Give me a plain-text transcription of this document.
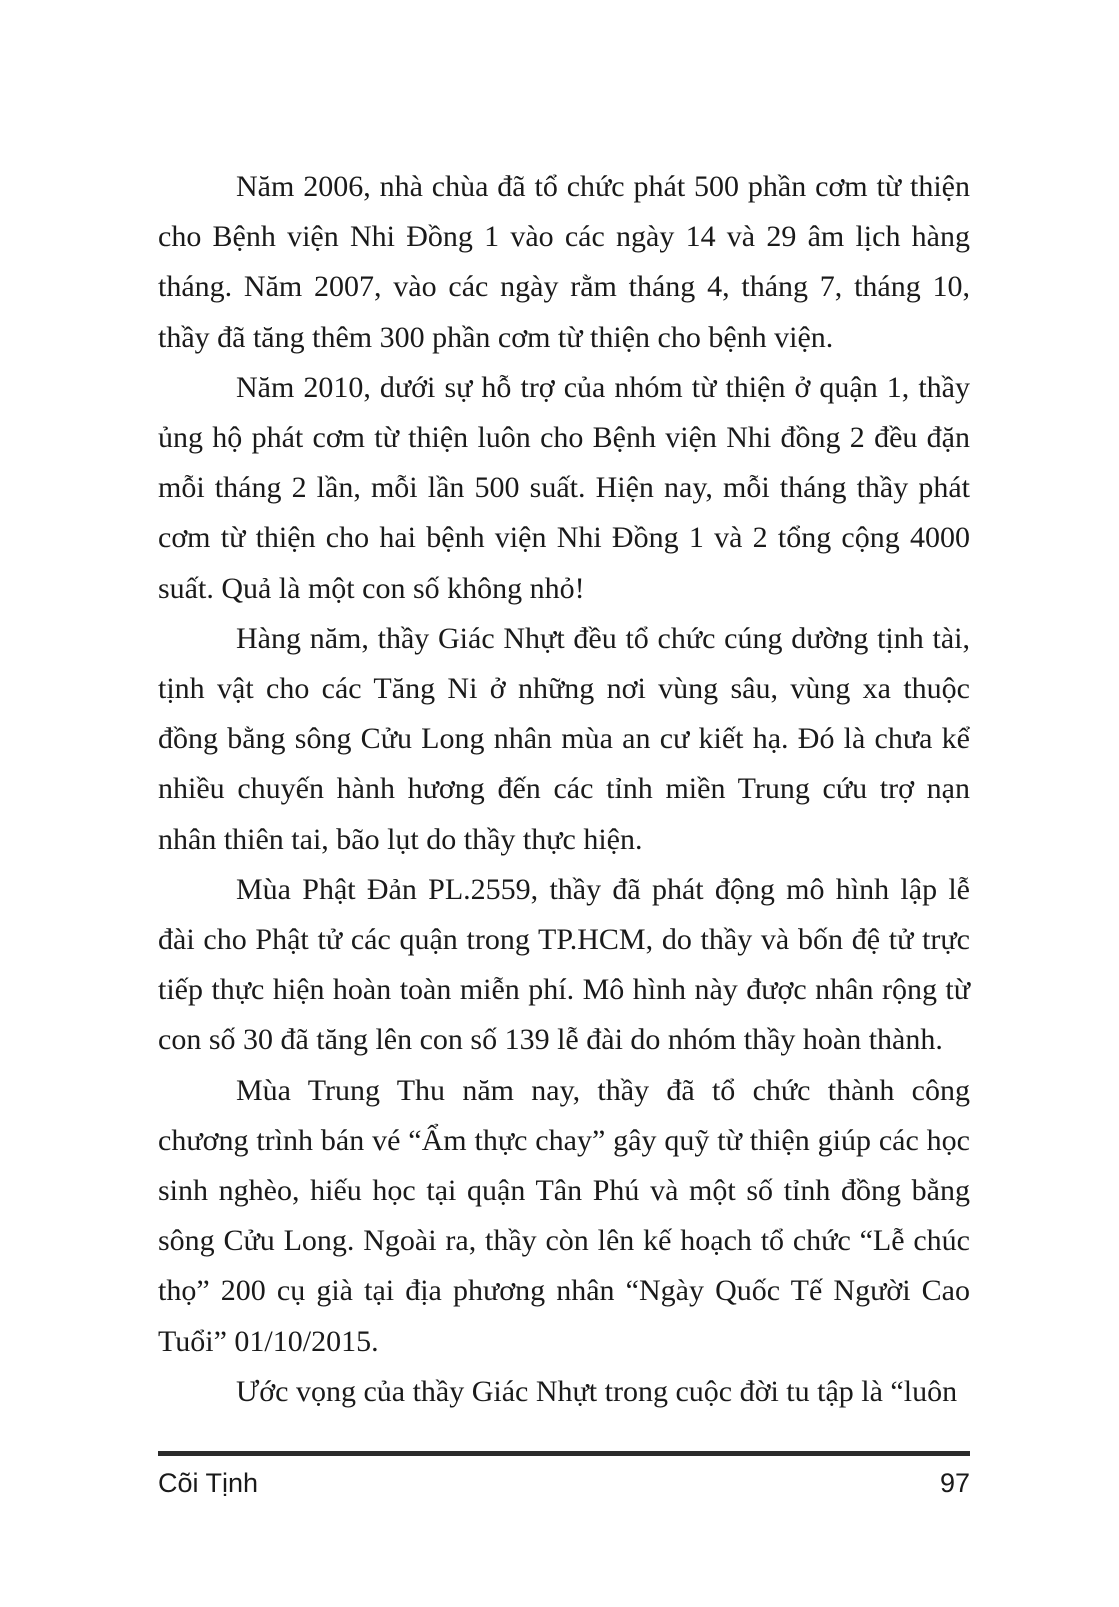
Năm 2006, nhà chùa đã tổ chức phát 500 phần cơm từ thiện cho Bệnh viện Nhi Đồng 1 vào các ngày 14 và 29 âm lịch hàng tháng. Năm 2007, vào các ngày rằm tháng 4, tháng 7, tháng 10, thầy đã tăng thêm 300 phần cơm từ thiện cho bệnh viện.

Năm 2010, dưới sự hỗ trợ của nhóm từ thiện ở quận 1, thầy ủng hộ phát cơm từ thiện luôn cho Bệnh viện Nhi đồng 2 đều đặn mỗi tháng 2 lần, mỗi lần 500 suất. Hiện nay, mỗi tháng thầy phát cơm từ thiện cho hai bệnh viện Nhi Đồng 1 và 2 tổng cộng 4000 suất. Quả là một con số không nhỏ!

Hàng năm, thầy Giác Nhựt đều tổ chức cúng dường tịnh tài, tịnh vật cho các Tăng Ni ở những nơi vùng sâu, vùng xa thuộc đồng bằng sông Cửu Long nhân mùa an cư kiết hạ. Đó là chưa kể nhiều chuyến hành hương đến các tỉnh miền Trung cứu trợ nạn nhân thiên tai, bão lụt do thầy thực hiện.

Mùa Phật Đản PL.2559, thầy đã phát động mô hình lập lễ đài cho Phật tử các quận trong TP.HCM, do thầy và bốn đệ tử trực tiếp thực hiện hoàn toàn miễn phí. Mô hình này được nhân rộng từ con số 30 đã tăng lên con số 139 lễ đài do nhóm thầy hoàn thành.

Mùa Trung Thu năm nay, thầy đã tổ chức thành công chương trình bán vé “Ẩm thực chay” gây quỹ từ thiện giúp các học sinh nghèo, hiếu học tại quận Tân Phú và một số tỉnh đồng bằng sông Cửu Long. Ngoài ra, thầy còn lên kế hoạch tổ chức “Lễ chúc thọ” 200 cụ già tại địa phương nhân “Ngày Quốc Tế Người Cao Tuổi” 01/10/2015.

Ước vọng của thầy Giác Nhựt trong cuộc đời tu tập là “luôn

Cõi Tịnh	97
